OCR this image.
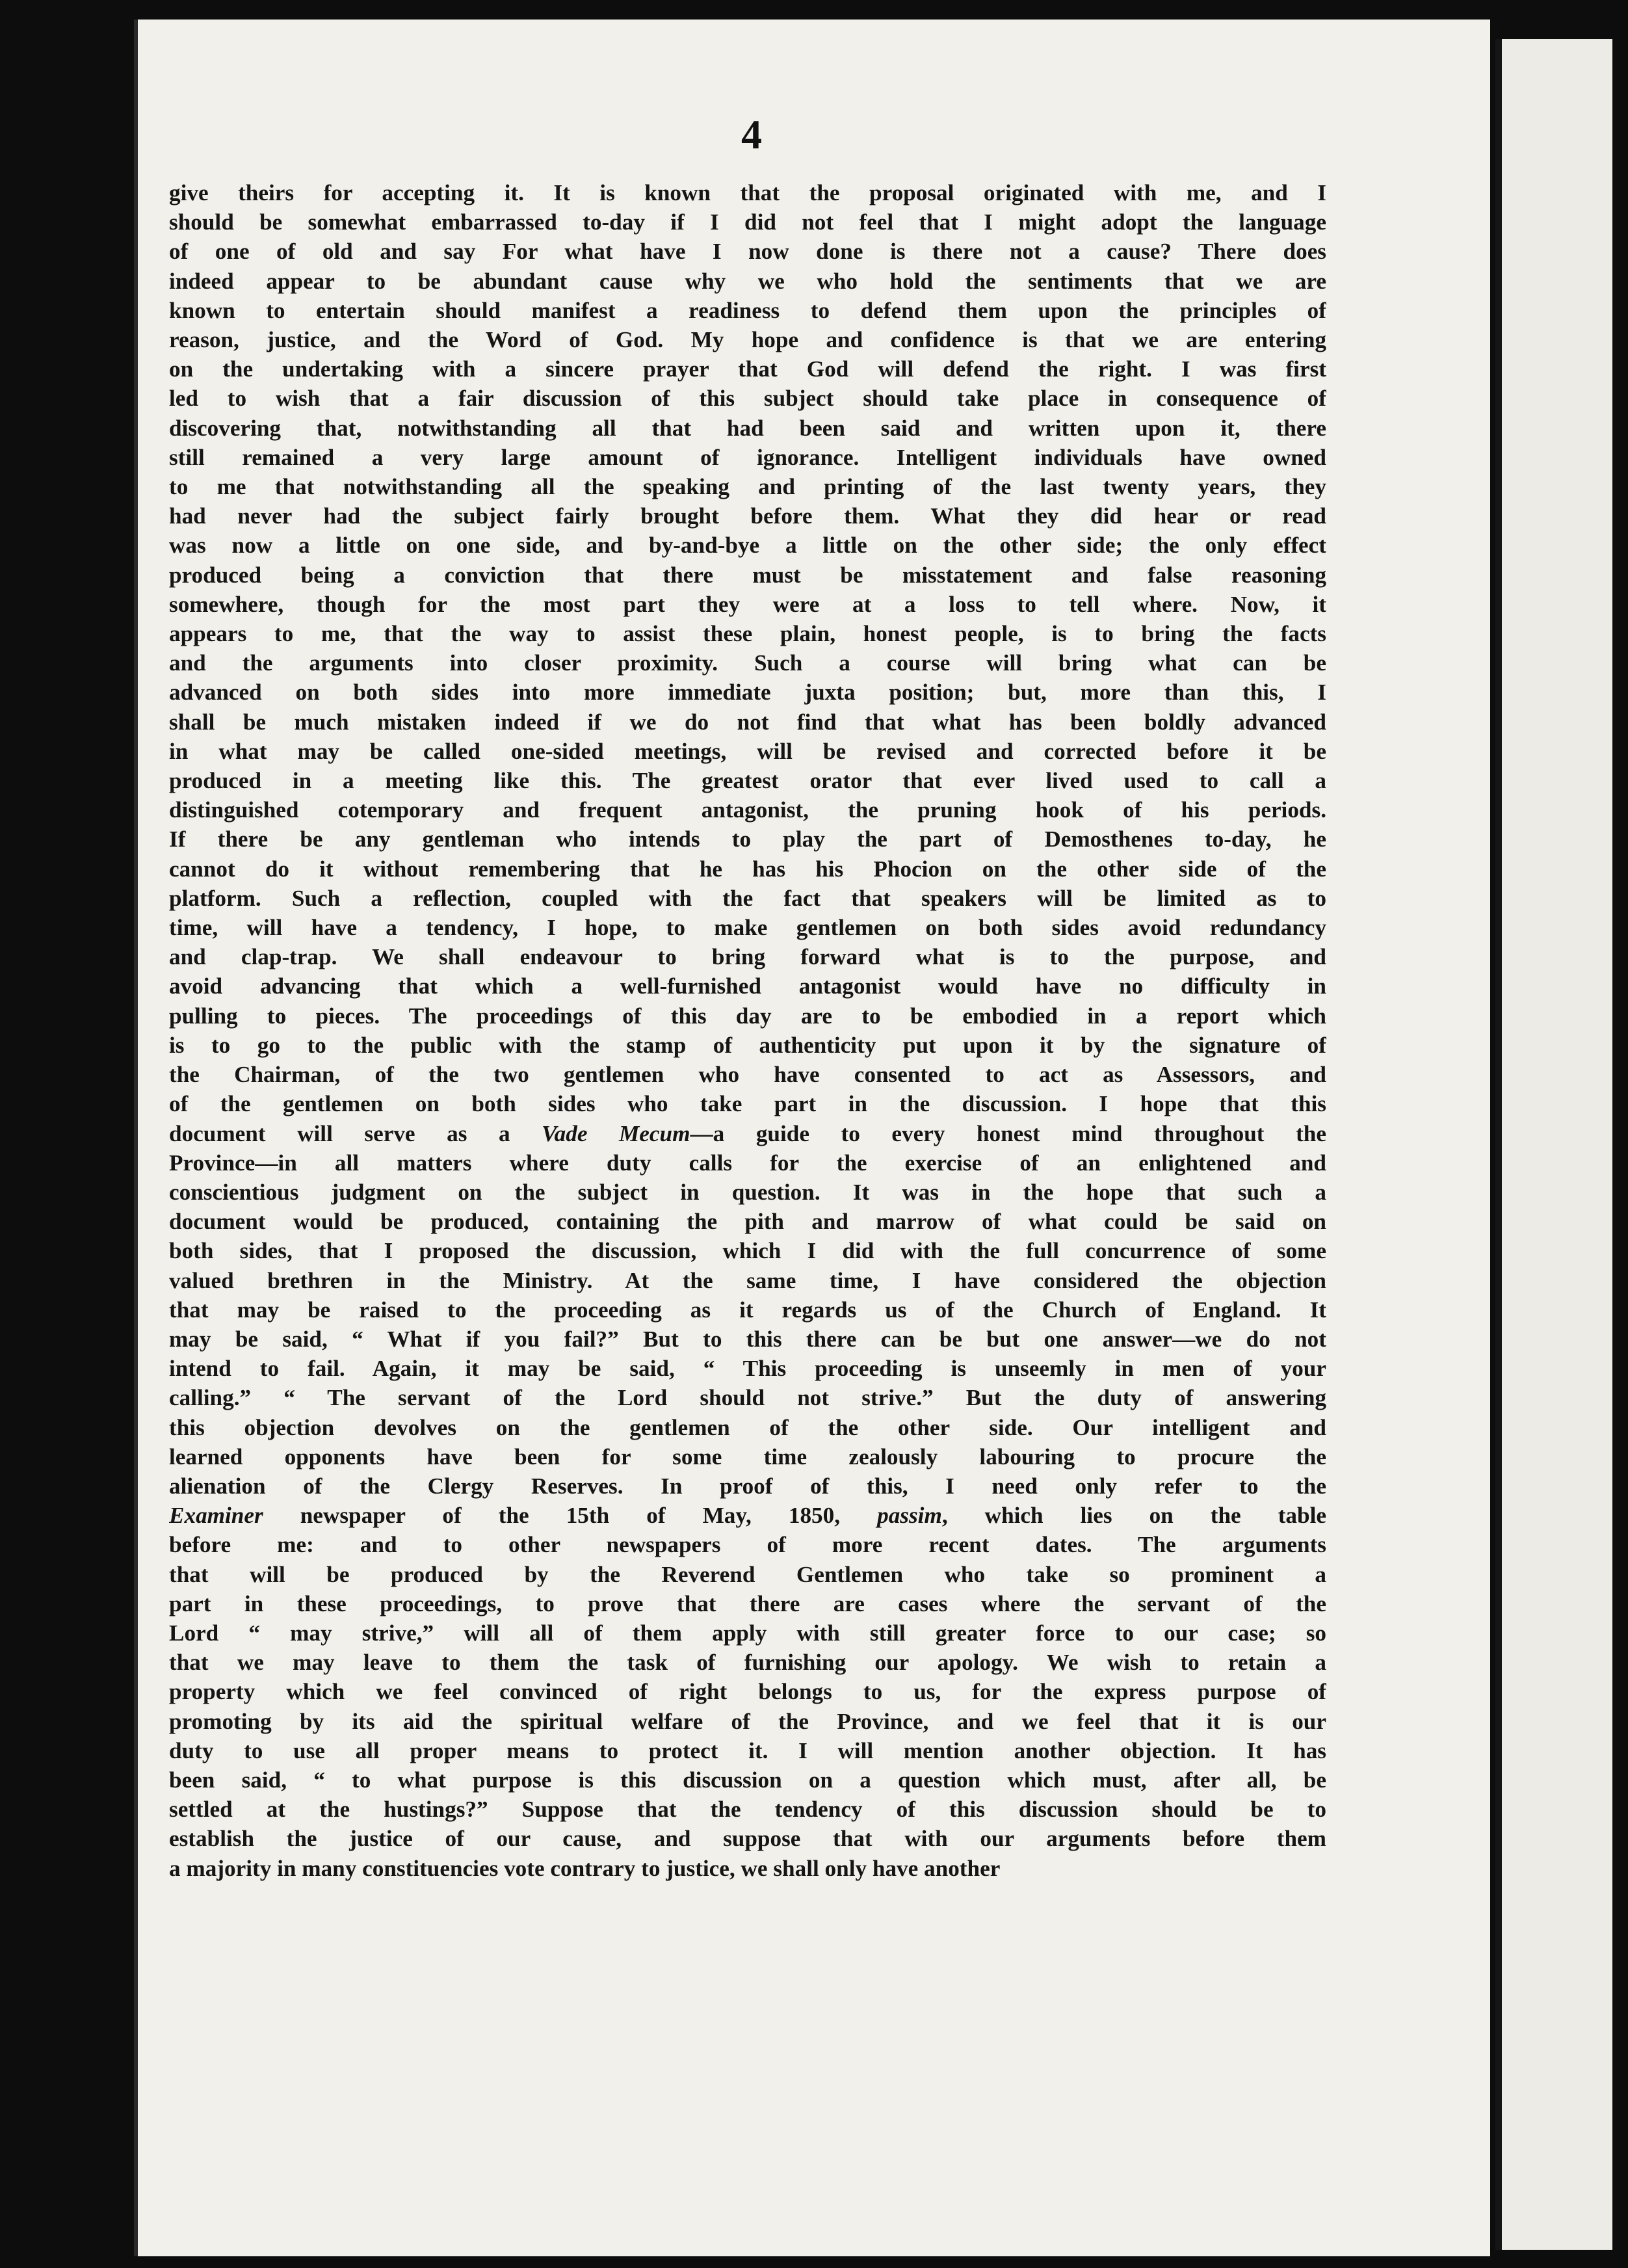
4
give theirs for accepting it. It is known that the proposal originated with me, and I
should be somewhat embarrassed to-day if I did not feel that I might adopt the language
of one of old and say For what have I now done is there not a cause? There does
indeed appear to be abundant cause why we who hold the sentiments that we are
known to entertain should manifest a readiness to defend them upon the principles of
reason, justice, and the Word of God. My hope and confidence is that we are entering
on the undertaking with a sincere prayer that God will defend the right. I was first
led to wish that a fair discussion of this subject should take place in consequence of
discovering that, notwithstanding all that had been said and written upon it, there
still remained a very large amount of ignorance. Intelligent individuals have owned
to me that notwithstanding all the speaking and printing of the last twenty years, they
had never had the subject fairly brought before them. What they did hear or read
was now a little on one side, and by-and-bye a little on the other side; the only effect
produced being a conviction that there must be misstatement and false reasoning
somewhere, though for the most part they were at a loss to tell where. Now, it
appears to me, that the way to assist these plain, honest people, is to bring the facts
and the arguments into closer proximity. Such a course will bring what can be
advanced on both sides into more immediate juxta position; but, more than this, I
shall be much mistaken indeed if we do not find that what has been boldly advanced
in what may be called one-sided meetings, will be revised and corrected before it be
produced in a meeting like this. The greatest orator that ever lived used to call a
distinguished cotemporary and frequent antagonist, the pruning hook of his periods.
If there be any gentleman who intends to play the part of Demosthenes to-day, he
cannot do it without remembering that he has his Phocion on the other side of the
platform. Such a reflection, coupled with the fact that speakers will be limited as to
time, will have a tendency, I hope, to make gentlemen on both sides avoid redundancy
and clap-trap. We shall endeavour to bring forward what is to the purpose, and
avoid advancing that which a well-furnished antagonist would have no difficulty in
pulling to pieces. The proceedings of this day are to be embodied in a report which
is to go to the public with the stamp of authenticity put upon it by the signature of
the Chairman, of the two gentlemen who have consented to act as Assessors, and
of the gentlemen on both sides who take part in the discussion. I hope that this
document will serve as a Vade Mecum—a guide to every honest mind throughout the
Province—in all matters where duty calls for the exercise of an enlightened and
conscientious judgment on the subject in question. It was in the hope that such a
document would be produced, containing the pith and marrow of what could be said on
both sides, that I proposed the discussion, which I did with the full concurrence of some
valued brethren in the Ministry. At the same time, I have considered the objection
that may be raised to the proceeding as it regards us of the Church of England. It
may be said, “ What if you fail?” But to this there can be but one answer—we do not
intend to fail. Again, it may be said, “ This proceeding is unseemly in men of your
calling.” “ The servant of the Lord should not strive.” But the duty of answering
this objection devolves on the gentlemen of the other side. Our intelligent and
learned opponents have been for some time zealously labouring to procure the
alienation of the Clergy Reserves. In proof of this, I need only refer to the
Examiner newspaper of the 15th of May, 1850, passim, which lies on the table
before me: and to other newspapers of more recent dates. The arguments
that will be produced by the Reverend Gentlemen who take so prominent a
part in these proceedings, to prove that there are cases where the servant of the
Lord “ may strive,” will all of them apply with still greater force to our case; so
that we may leave to them the task of furnishing our apology. We wish to retain a
property which we feel convinced of right belongs to us, for the express purpose of
promoting by its aid the spiritual welfare of the Province, and we feel that it is our
duty to use all proper means to protect it. I will mention another objection. It has
been said, “ to what purpose is this discussion on a question which must, after all, be
settled at the hustings?” Suppose that the tendency of this discussion should be to
establish the justice of our cause, and suppose that with our arguments before them
a majority in many constituencies vote contrary to justice, we shall only have another
